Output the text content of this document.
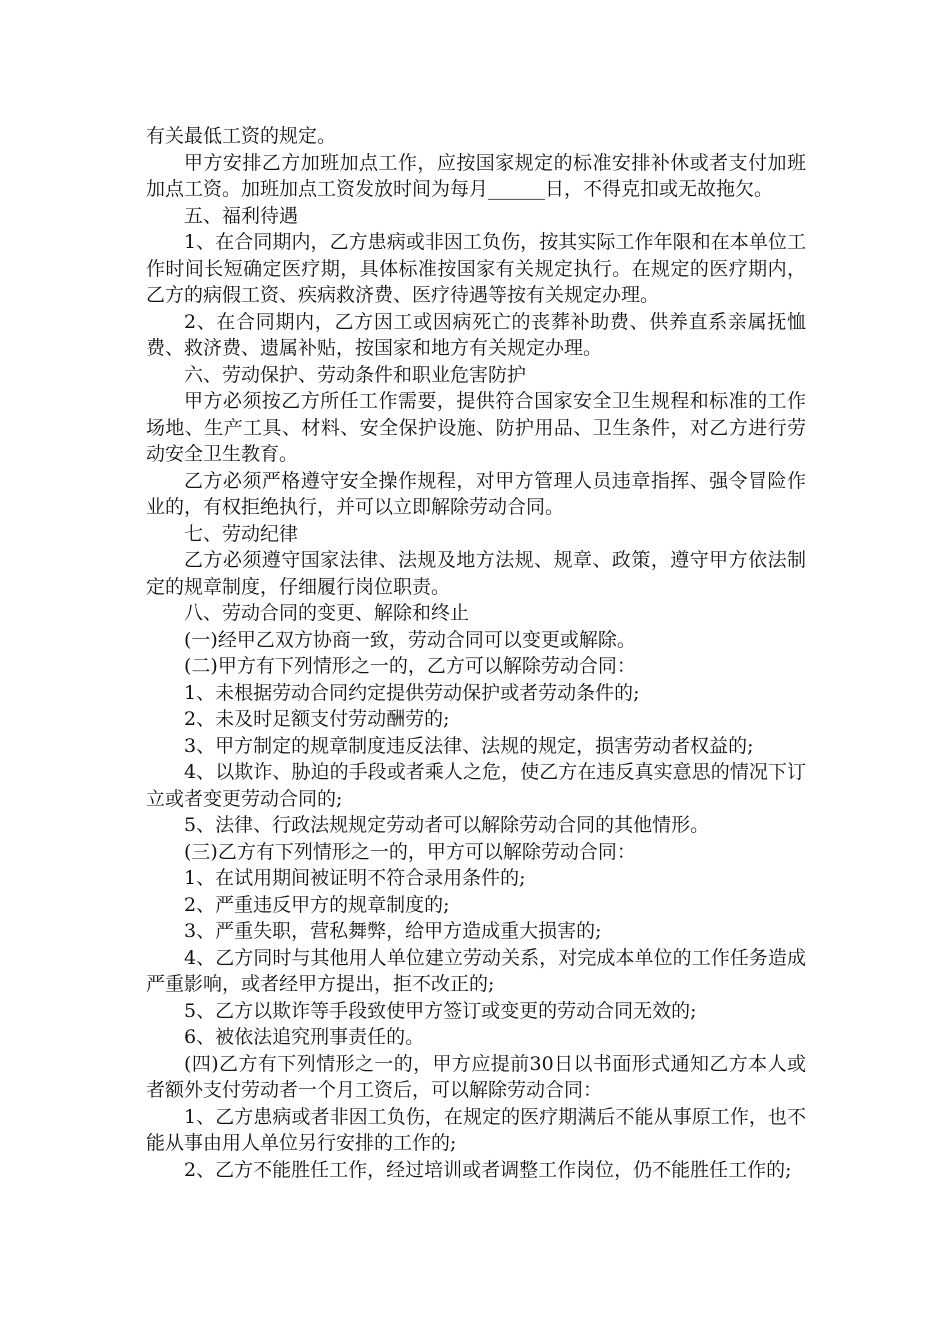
有关最低工资的规定。

甲方安排乙方加班加点工作，应按国家规定的标准安排补休或者支付加班加点工资。加班加点工资发放时间为每月______日，不得克扣或无故拖欠。

五、福利待遇

1、在合同期内，乙方患病或非因工负伤，按其实际工作年限和在本单位工作时间长短确定医疗期，具体标准按国家有关规定执行。在规定的医疗期内，乙方的病假工资、疾病救济费、医疗待遇等按有关规定办理。

2、在合同期内，乙方因工或因病死亡的丧葬补助费、供养直系亲属抚恤费、救济费、遗属补贴，按国家和地方有关规定办理。

六、劳动保护、劳动条件和职业危害防护

甲方必须按乙方所任工作需要，提供符合国家安全卫生规程和标准的工作场地、生产工具、材料、安全保护设施、防护用品、卫生条件，对乙方进行劳动安全卫生教育。

乙方必须严格遵守安全操作规程，对甲方管理人员违章指挥、强令冒险作业的，有权拒绝执行，并可以立即解除劳动合同。

七、劳动纪律

乙方必须遵守国家法律、法规及地方法规、规章、政策，遵守甲方依法制定的规章制度，仔细履行岗位职责。

八、劳动合同的变更、解除和终止

(一)经甲乙双方协商一致，劳动合同可以变更或解除。

(二)甲方有下列情形之一的，乙方可以解除劳动合同：

1、未根据劳动合同约定提供劳动保护或者劳动条件的;

2、未及时足额支付劳动酬劳的;

3、甲方制定的规章制度违反法律、法规的规定，损害劳动者权益的;

4、以欺诈、胁迫的手段或者乘人之危，使乙方在违反真实意思的情况下订立或者变更劳动合同的;

5、法律、行政法规规定劳动者可以解除劳动合同的其他情形。

(三)乙方有下列情形之一的，甲方可以解除劳动合同：

1、在试用期间被证明不符合录用条件的;

2、严重违反甲方的规章制度的;

3、严重失职，营私舞弊，给甲方造成重大损害的;

4、乙方同时与其他用人单位建立劳动关系，对完成本单位的工作任务造成严重影响，或者经甲方提出，拒不改正的;

5、乙方以欺诈等手段致使甲方签订或变更的劳动合同无效的;

6、被依法追究刑事责任的。

(四)乙方有下列情形之一的，甲方应提前30日以书面形式通知乙方本人或者额外支付劳动者一个月工资后，可以解除劳动合同：

1、乙方患病或者非因工负伤，在规定的医疗期满后不能从事原工作，也不能从事由用人单位另行安排的工作的;

2、乙方不能胜任工作，经过培训或者调整工作岗位，仍不能胜任工作的;
